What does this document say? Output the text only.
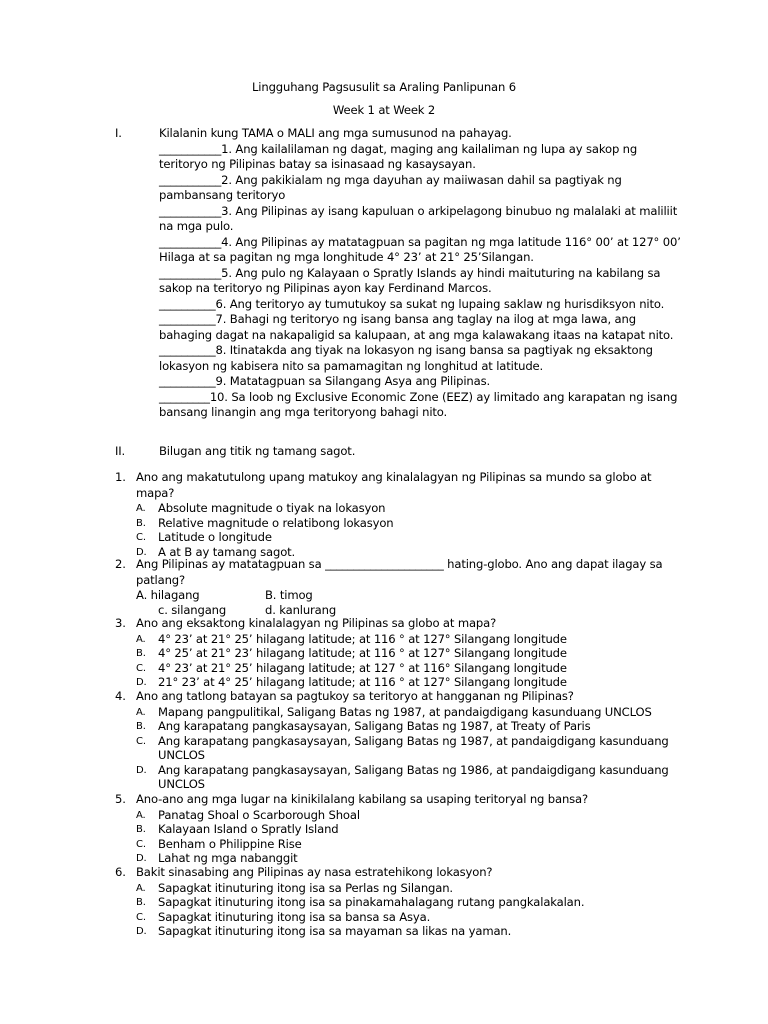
Lingguhang Pagsusulit sa Araling Panlipunan 6
Week 1 at Week 2
I.	Kilalanin kung TAMA o MALI ang mga sumusunod na pahayag.
___________1. Ang kailalilaman ng dagat, maging ang kailaliman ng lupa ay sakop ng
teritoryo ng Pilipinas batay sa isinasaad ng kasaysayan.
___________2. Ang pakikialam ng mga dayuhan ay maiiwasan dahil sa pagtiyak ng
pambansang teritoryo
___________3. Ang Pilipinas ay isang kapuluan o arkipelagong binubuo ng malalaki at maliliit
na mga pulo.
___________4. Ang Pilipinas ay matatagpuan sa pagitan ng mga latitude 116° 00’ at 127° 00’
Hilaga at sa pagitan ng mga longhitude 4° 23’ at 21° 25’Silangan.
___________5. Ang pulo ng Kalayaan o Spratly Islands ay hindi maituturing na kabilang sa
sakop na teritoryo ng Pilipinas ayon kay Ferdinand Marcos.
__________6. Ang teritoryo ay tumutukoy sa sukat ng lupaing saklaw ng hurisdiksyon nito.
__________7. Bahagi ng teritoryo ng isang bansa ang taglay na ilog at mga lawa, ang
bahaging dagat na nakapaligid sa kalupaan, at ang mga kalawakang itaas na katapat nito.
__________8. Itinatakda ang tiyak na lokasyon ng isang bansa sa pagtiyak ng eksaktong
lokasyon ng kabisera nito sa pamamagitan ng longhitud at latitude.
__________9. Matatagpuan sa Silangang Asya ang Pilipinas.
_________10. Sa loob ng Exclusive Economic Zone (EEZ) ay limitado ang karapatan ng isang
bansang linangin ang mga teritoryong bahagi nito.
II.	Bilugan ang titik ng tamang sagot.
1. Ano ang makatutulong upang matukoy ang kinalalagyan ng Pilipinas sa mundo sa globo at
mapa?
A. Absolute magnitude o tiyak na lokasyon
B. Relative magnitude o relatibong lokasyon
C. Latitude o longitude
D. A at B ay tamang sagot.
2. Ang Pilipinas ay matatagpuan sa _____________________ hating-globo. Ano ang dapat ilagay sa
patlang?
A. hilagang	B. timog
c. silangang	d. kanlurang
3. Ano ang eksaktong kinalalagyan ng Pilipinas sa globo at mapa?
A. 4° 23’ at 21° 25’ hilagang latitude; at 116 ° at 127° Silangang longitude
B. 4° 25’ at 21° 23’ hilagang latitude; at 116 ° at 127° Silangang longitude
C. 4° 23’ at 21° 25’ hilagang latitude; at 127 ° at 116° Silangang longitude
D. 21° 23’ at 4° 25’ hilagang latitude; at 116 ° at 127° Silangang longitude
4. Ano ang tatlong batayan sa pagtukoy sa teritoryo at hangganan ng Pilipinas?
A. Mapang pangpulitikal, Saligang Batas ng 1987, at pandaigdigang kasunduang UNCLOS
B. Ang karapatang pangkasaysayan, Saligang Batas ng 1987, at Treaty of Paris
C. Ang karapatang pangkasaysayan, Saligang Batas ng 1987, at pandaigdigang kasunduang
UNCLOS
D. Ang karapatang pangkasaysayan, Saligang Batas ng 1986, at pandaigdigang kasunduang
UNCLOS
5. Ano-ano ang mga lugar na kinikilalang kabilang sa usaping teritoryal ng bansa?
A. Panatag Shoal o Scarborough Shoal
B. Kalayaan Island o Spratly Island
C. Benham o Philippine Rise
D. Lahat ng mga nabanggit
6. Bakit sinasabing ang Pilipinas ay nasa estratehikong lokasyon?
A. Sapagkat itinuturing itong isa sa Perlas ng Silangan.
B. Sapagkat itinuturing itong isa sa pinakamahalagang rutang pangkalakalan.
C. Sapagkat itinuturing itong isa sa bansa sa Asya.
D. Sapagkat itinuturing itong isa sa mayaman sa likas na yaman.
